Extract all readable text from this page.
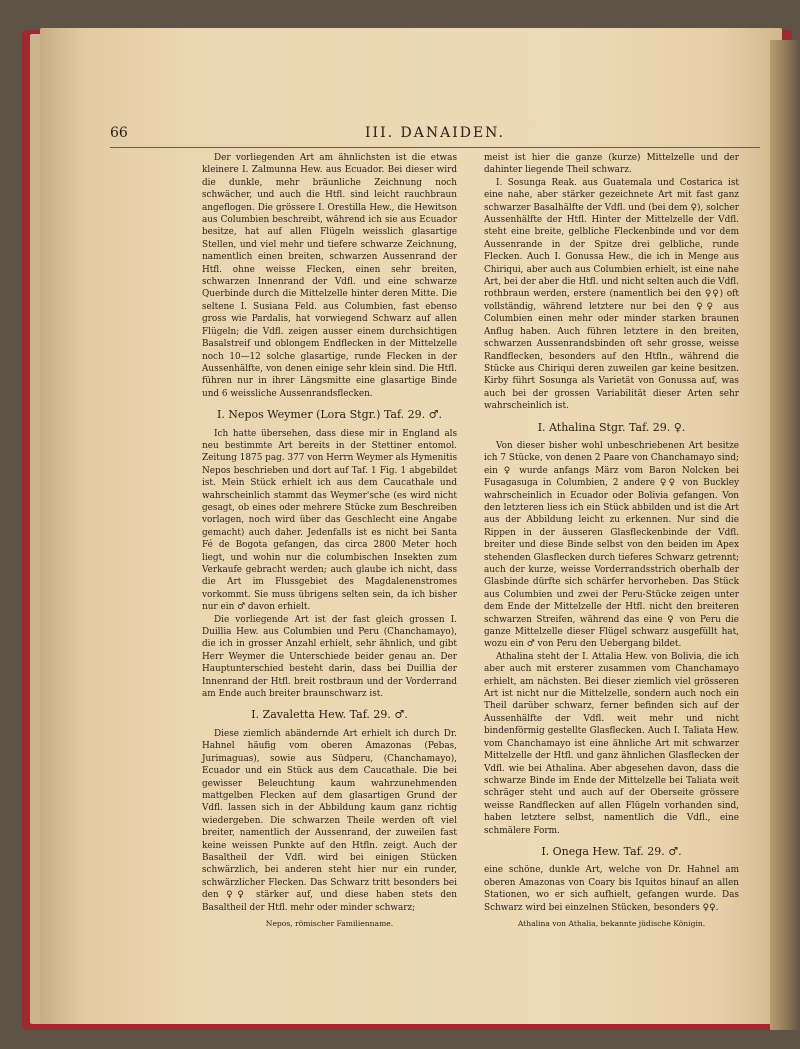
66	III. DANAIDEN.

Der vorliegenden Art am ähnlichsten ist die etwas kleinere I. Zalmunna Hew. aus Ecuador. Bei dieser wird die dunkle, mehr bräunliche Zeichnung noch schwächer, und auch die Htfl. sind leicht rauchbraun angeflogen. Die grössere I. Orestilla Hew., die Hewitson aus Columbien beschreibt, während ich sie aus Ecuador besitze, hat auf allen Flügeln weisslich glasartige Stellen, und viel mehr und tiefere schwarze Zeichnung, namentlich einen breiten, schwarzen Aussenrand der Htfl. ohne weisse Flecken, einen sehr breiten, schwarzen Innenrand der Vdfl. und eine schwarze Querbinde durch die Mittelzelle hinter deren Mitte. Die seltene I. Susiana Feld. aus Columbien, fast ebenso gross wie Pardalis, hat vorwiegend Schwarz auf allen Flügeln; die Vdfl. zeigen ausser einem durchsichtigen Basalstreif und oblongem Endflecken in der Mittelzelle noch 10—12 solche glasartige, runde Flecken in der Aussenhälfte, von denen einige sehr klein sind. Die Htfl. führen nur in ihrer Längsmitte eine glasartige Binde und 6 weissliche Aussenrandsflecken.

I. Nepos Weymer (Lora Stgr.) Taf. 29. ♂.

Ich hatte übersehen, dass diese mir in England als neu bestimmte Art bereits in der Stettiner entomol. Zeitung 1875 pag. 377 von Herrn Weymer als Hymenitis Nepos beschrieben und dort auf Taf. 1 Fig. 1 abgebildet ist. Mein Stück erhielt ich aus dem Caucathale und wahrscheinlich stammt das Weymer'sche (es wird nicht gesagt, ob eines oder mehrere Stücke zum Beschreiben vorlagen, noch wird über das Geschlecht eine Angabe gemacht) auch daher. Jedenfalls ist es nicht bei Santa Fé de Bogota gefangen, das circa 2800 Meter hoch liegt, und wohin nur die columbischen Insekten zum Verkaufe gebracht werden; auch glaube ich nicht, dass die Art im Flussgebiet des Magdalenenstromes vorkommt. Sie muss übrigens selten sein, da ich bisher nur ein ♂ davon erhielt.

Die vorliegende Art ist der fast gleich grossen I. Duillia Hew. aus Columbien und Peru (Chanchamayo), die ich in grosser Anzahl erhielt, sehr ähnlich, und gibt Herr Weymer die Unterschiede beider genau an. Der Hauptunterschied besteht darin, dass bei Duillia der Innenrand der Htfl. breit rostbraun und der Vorderrand am Ende auch breiter braunschwarz ist.

I. Zavaletta Hew. Taf. 29. ♂.

Diese ziemlich abändernde Art erhielt ich durch Dr. Hahnel häufig vom oberen Amazonas (Pebas, Jurimaguas), sowie aus Südperu, (Chanchamayo), Ecuador und ein Stück aus dem Caucathale. Die bei gewisser Beleuchtung kaum wahrzunehmenden mattgelben Flecken auf dem glasartigen Grund der Vdfl. lassen sich in der Abbildung kaum ganz richtig wiedergeben. Die schwarzen Theile werden oft viel breiter, namentlich der Aussenrand, der zuweilen fast keine weissen Punkte auf den Htfln. zeigt. Auch der Basaltheil der Vdfl. wird bei einigen Stücken schwärzlich, bei anderen steht hier nur ein runder, schwärzlicher Flecken. Das Schwarz tritt besonders bei den ♀♀ stärker auf, und diese haben stets den Basaltheil der Htfl. mehr oder minder schwarz;

meist ist hier die ganze (kurze) Mittelzelle und der dahinter liegende Theil schwarz.

I. Sosunga Reak. aus Guatemala und Costarica ist eine nahe, aber stärker gezeichnete Art mit fast ganz schwarzer Basalhälfte der Vdfl. und (bei dem ♀), solcher Aussenhälfte der Htfl. Hinter der Mittelzelle der Vdfl. steht eine breite, gelbliche Fleckenbinde und vor dem Aussenrande in der Spitze drei gelbliche, runde Flecken. Auch I. Gonussa Hew., die ich in Menge aus Chiriqui, aber auch aus Columbien erhielt, ist eine nahe Art, bei der aber die Htfl. und nicht selten auch die Vdfl. rothbraun werden, erstere (namentlich bei den ♀♀) oft vollständig, während letztere nur bei den ♀♀ aus Columbien einen mehr oder minder starken braunen Anflug haben. Auch führen letztere in den breiten, schwarzen Aussenrandsbinden oft sehr grosse, weisse Randflecken, besonders auf den Htfln., während die Stücke aus Chiriqui deren zuweilen gar keine besitzen. Kirby führt Sosunga als Varietät von Gonussa auf, was auch bei der grossen Variabilität dieser Arten sehr wahrscheinlich ist.

I. Athalina Stgr. Taf. 29. ♀.

Von dieser bisher wohl unbeschriebenen Art besitze ich 7 Stücke, von denen 2 Paare von Chanchamayo sind; ein ♀ wurde anfangs März vom Baron Nolcken bei Fusagasuga in Columbien, 2 andere ♀♀ von Buckley wahrscheinlich in Ecuador oder Bolivia gefangen. Von den letzteren liess ich ein Stück abbilden und ist die Art aus der Abbildung leicht zu erkennen. Nur sind die Rippen in der äusseren Glasfleckenbinde der Vdfl. breiter und diese Binde selbst von den beiden im Apex stehenden Glasflecken durch tieferes Schwarz getrennt; auch der kurze, weisse Vorderrandsstrich oberhalb der Glasbinde dürfte sich schärfer hervorheben. Das Stück aus Columbien und zwei der Peru-Stücke zeigen unter dem Ende der Mittelzelle der Htfl. nicht den breiteren schwarzen Streifen, während das eine ♀ von Peru die ganze Mittelzelle dieser Flügel schwarz ausgefüllt hat, wozu ein ♂ von Peru den Uebergang bildet.

Athalina steht der I. Attalia Hew. von Bolivia, die ich aber auch mit ersterer zusammen vom Chanchamayo erhielt, am nächsten. Bei dieser ziemlich viel grösseren Art ist nicht nur die Mittelzelle, sondern auch noch ein Theil darüber schwarz, ferner befinden sich auf der Aussenhälfte der Vdfl. weit mehr und nicht bindenförmig gestellte Glasflecken. Auch I. Taliata Hew. vom Chanchamayo ist eine ähnliche Art mit schwarzer Mittelzelle der Htfl. und ganz ähnlichen Glasflecken der Vdfl. wie bei Athalina. Aber abgesehen davon, dass die schwarze Binde im Ende der Mittelzelle bei Taliata weit schräger steht und auch auf der Oberseite grössere weisse Randflecken auf allen Flügeln vorhanden sind, haben letztere selbst, namentlich die Vdfl., eine schmälere Form.

I. Onega Hew. Taf. 29. ♂.

eine schöne, dunkle Art, welche von Dr. Hahnel am oberen Amazonas von Coary bis Iquitos hinauf an allen Stationen, wo er sich aufhielt, gefangen wurde. Das Schwarz wird bei einzelnen Stücken, besonders ♀♀.

Nepos, römischer Familienname.	Athalina von Athalia, bekannte jüdische Königin.
